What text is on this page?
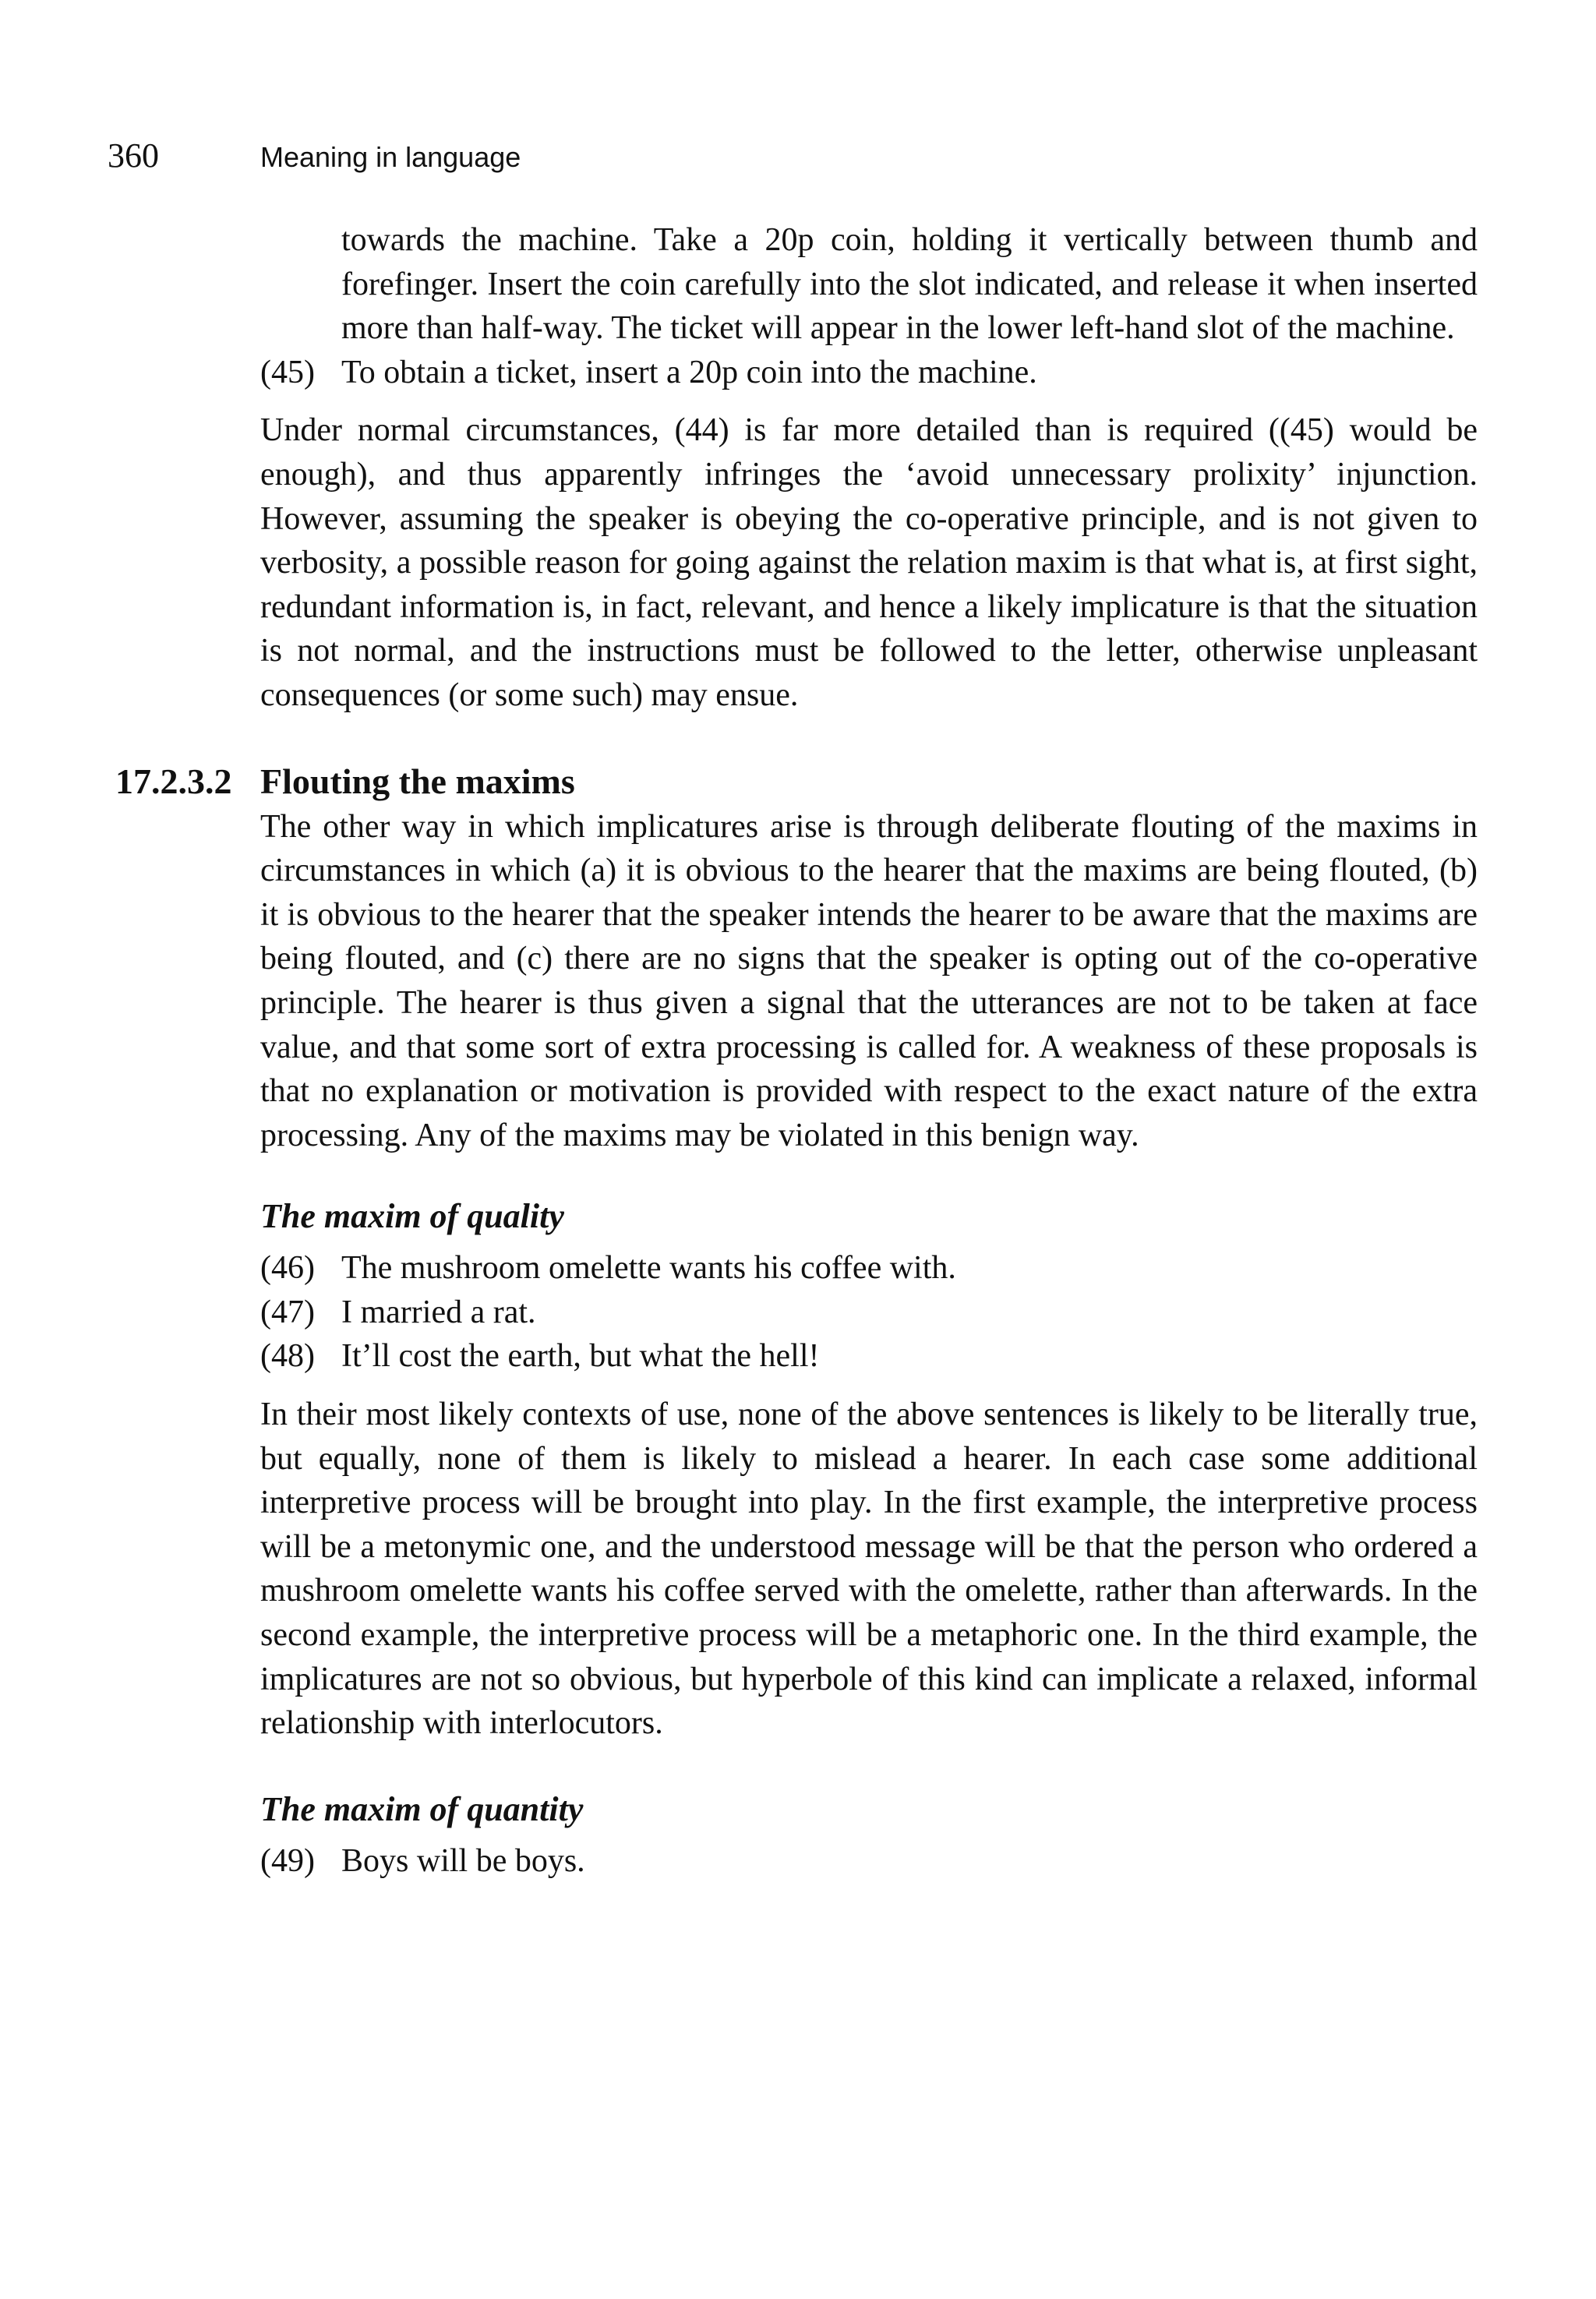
360	Meaning in language

towards the machine. Take a 20p coin, holding it vertically between thumb and forefinger. Insert the coin carefully into the slot indicated, and release it when inserted more than half-way. The ticket will appear in the lower left-hand slot of the machine.

(45) To obtain a ticket, insert a 20p coin into the machine.

Under normal circumstances, (44) is far more detailed than is required ((45) would be enough), and thus apparently infringes the ‘avoid unnecessary prolixity’ injunction. However, assuming the speaker is obeying the co-operative principle, and is not given to verbosity, a possible reason for going against the relation maxim is that what is, at first sight, redundant information is, in fact, relevant, and hence a likely implicature is that the situation is not normal, and the instructions must be followed to the letter, otherwise unpleasant consequences (or some such) may ensue.

17.2.3.2 Flouting the maxims

The other way in which implicatures arise is through deliberate flouting of the maxims in circumstances in which (a) it is obvious to the hearer that the maxims are being flouted, (b) it is obvious to the hearer that the speaker intends the hearer to be aware that the maxims are being flouted, and (c) there are no signs that the speaker is opting out of the co-operative principle. The hearer is thus given a signal that the utterances are not to be taken at face value, and that some sort of extra processing is called for. A weakness of these proposals is that no explanation or motivation is provided with respect to the exact nature of the extra processing. Any of the maxims may be violated in this benign way.

The maxim of quality
(46) The mushroom omelette wants his coffee with.
(47) I married a rat.
(48) It’ll cost the earth, but what the hell!

In their most likely contexts of use, none of the above sentences is likely to be literally true, but equally, none of them is likely to mislead a hearer. In each case some additional interpretive process will be brought into play. In the first example, the interpretive process will be a metonymic one, and the understood message will be that the person who ordered a mushroom omelette wants his coffee served with the omelette, rather than afterwards. In the second example, the interpretive process will be a metaphoric one. In the third example, the implicatures are not so obvious, but hyperbole of this kind can implicate a relaxed, informal relationship with interlocutors.

The maxim of quantity
(49) Boys will be boys.
